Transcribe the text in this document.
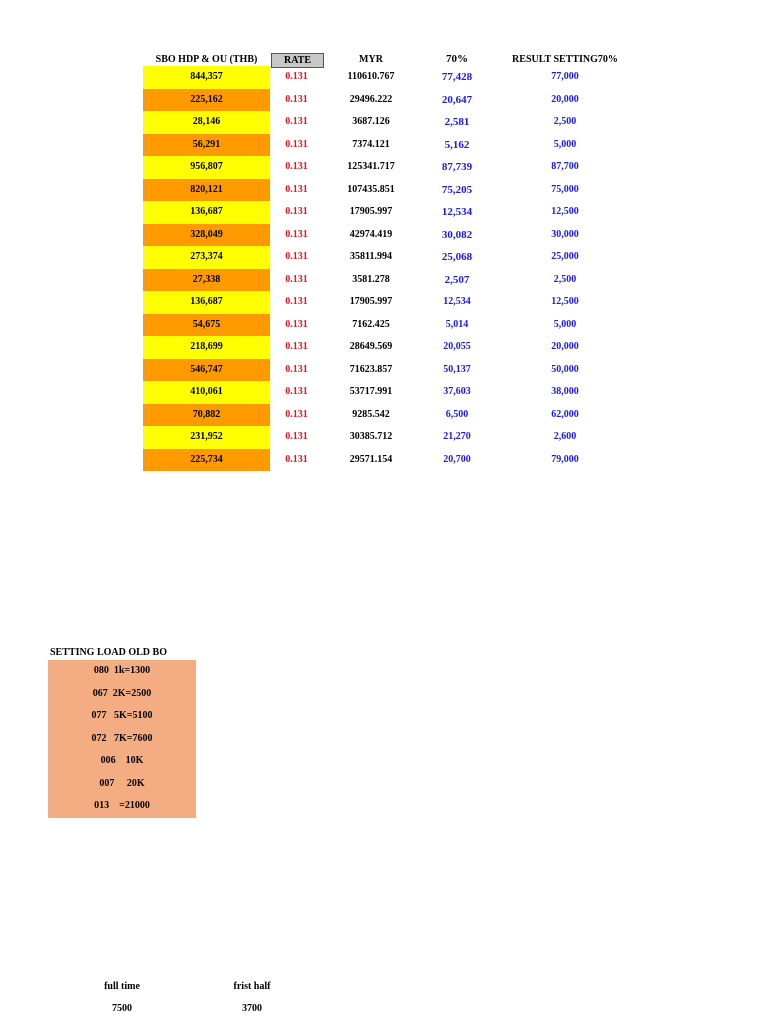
SBO HDP & OU (THB)	RATE	MYR	70%	RESULT SETTING70%
844,357	0.131	110610.767	77,428	77,000
225,162	0.131	29496.222	20,647	20,000
28,146	0.131	3687.126	2,581	2,500
56,291	0.131	7374.121	5,162	5,000
956,807	0.131	125341.717	87,739	87,700
820,121	0.131	107435.851	75,205	75,000
136,687	0.131	17905.997	12,534	12,500
328,049	0.131	42974.419	30,082	30,000
273,374	0.131	35811.994	25,068	25,000
27,338	0.131	3581.278	2,507	2,500
136,687	0.131	17905.997	12,534	12,500
54,675	0.131	7162.425	5,014	5,000
218,699	0.131	28649.569	20,055	20,000
546,747	0.131	71623.857	50,137	50,000
410,061	0.131	53717.991	37,603	38,000
70,882	0.131	9285.542	6,500	62,000
231,952	0.131	30385.712	21,270	2,600
225,734	0.131	29571.154	20,700	79,000
SETTING LOAD OLD BO
080  1k=1300
067  2K=2500
077   5K=5100
072   7K=7600
006    10K
007     20K
013    =21000
full time	frist half
7500	3700
